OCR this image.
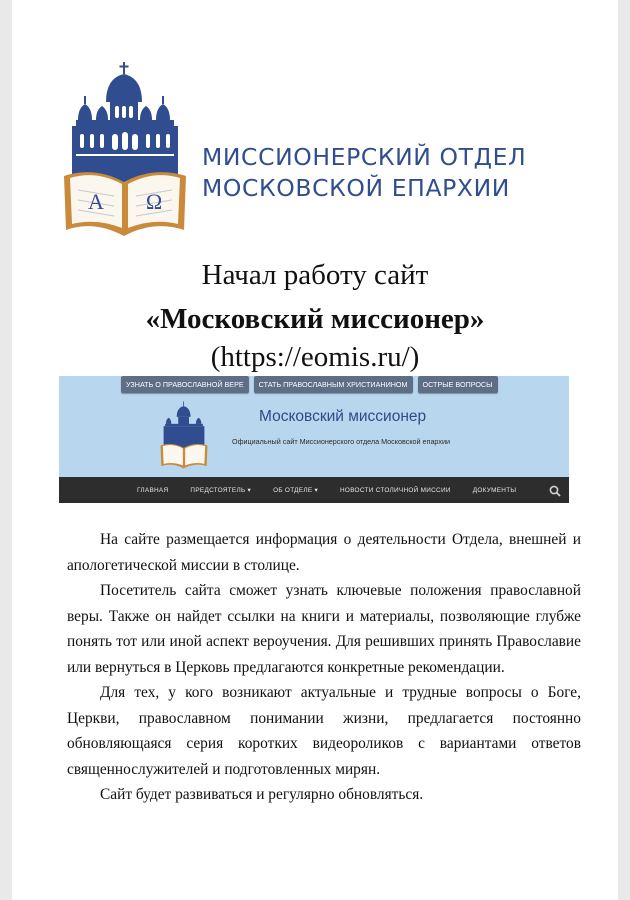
A Ω
МИССИОНЕРСКИЙ ОТДЕЛ
МОСКОВСКОЙ ЕПАРХИИ
Начал работу сайт
«Московский миссионер»
(https://eomis.ru/)
УЗНАТЬ О ПРАВОСЛАВНОЙ ВЕРЕ	СТАТЬ ПРАВОСЛАВНЫМ ХРИСТИАНИНОМ	ОСТРЫЕ ВОПРОСЫ
Московский миссионер
Официальный сайт Миссионерского отдела Московской епархии
ГЛАВНАЯ	ПРЕДСТОЯТЕЛЬ ▾	ОБ ОТДЕЛЕ ▾	НОВОСТИ СТОЛИЧНОЙ МИССИИ	ДОКУМЕНТЫ

На сайте размещается информация о деятельности Отдела, внешней и апологетической миссии в столице.

Посетитель сайта сможет узнать ключевые положения православной веры. Также он найдет ссылки на книги и материалы, позволяющие глубже понять тот или иной аспект вероучения. Для решивших принять Православие или вернуться в Церковь предлагаются конкретные рекомендации.

Для тех, у кого возникают актуальные и трудные вопросы о Боге, Церкви, православном понимании жизни, предлагается постоянно обновляющаяся серия коротких видеороликов с вариантами ответов священнослужителей и подготовленных мирян.

Сайт будет развиваться и регулярно обновляться.
